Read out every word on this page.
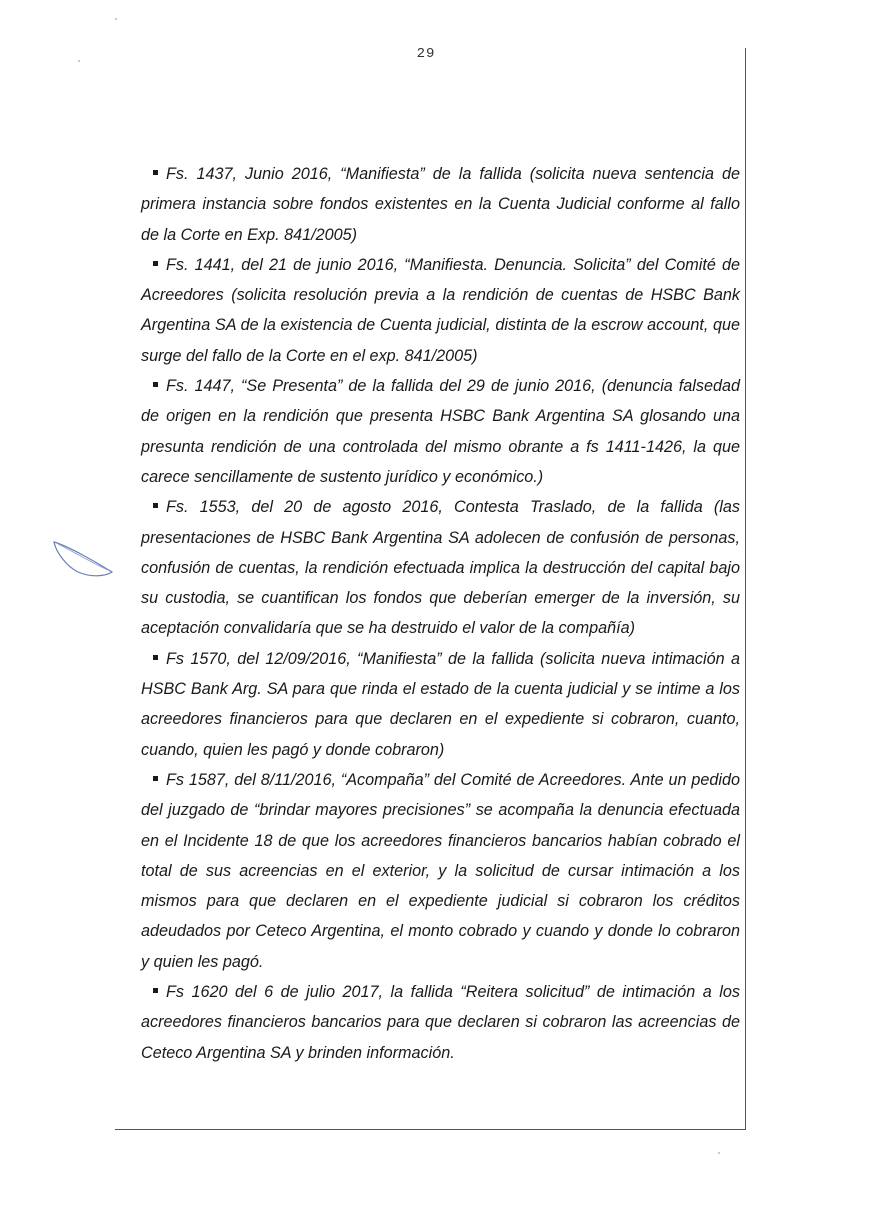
29

Fs. 1437, Junio 2016, “Manifiesta” de la fallida (solicita nueva sentencia de primera instancia sobre fondos existentes en la Cuenta Judicial conforme al fallo de la Corte en Exp. 841/2005)

Fs. 1441, del 21 de junio 2016, “Manifiesta. Denuncia. Solicita” del Comité de Acreedores (solicita resolución previa a la rendición de cuentas de HSBC Bank Argentina SA de la existencia de Cuenta judicial, distinta de la escrow account, que surge del fallo de la Corte en el exp. 841/2005)

Fs. 1447, “Se Presenta” de la fallida del 29 de junio 2016, (denuncia falsedad de origen en la rendición que presenta HSBC Bank Argentina SA glosando una presunta rendición de una controlada del mismo obrante a fs 1411-1426, la que carece sencillamente de sustento jurídico y económico.)

Fs. 1553, del 20 de agosto 2016, Contesta Traslado, de la fallida (las presentaciones de HSBC Bank Argentina SA adolecen de confusión de personas, confusión de cuentas, la rendición efectuada implica la destrucción del capital bajo su custodia, se cuantifican los fondos que deberían emerger de la inversión, su aceptación convalidaría que se ha destruido el valor de la compañía)

Fs 1570, del 12/09/2016, “Manifiesta” de la fallida (solicita nueva intimación a HSBC Bank Arg. SA para que rinda el estado de la cuenta judicial y se intime a los acreedores financieros para que declaren en el expediente si cobraron, cuanto, cuando, quien les pagó y donde cobraron)

Fs 1587, del 8/11/2016, “Acompaña” del Comité de Acreedores. Ante un pedido del juzgado de “brindar mayores precisiones” se acompaña la denuncia efectuada en el Incidente 18 de que los acreedores financieros bancarios habían cobrado el total de sus acreencias en el exterior, y la solicitud de cursar intimación a los mismos para que declaren en el expediente judicial si cobraron los créditos adeudados por Ceteco Argentina, el monto cobrado y cuando y donde lo cobraron y quien les pagó.

Fs 1620 del 6 de julio 2017, la fallida “Reitera solicitud” de intimación a los acreedores financieros bancarios para que declaren si cobraron las acreencias de Ceteco Argentina SA y brinden información.
